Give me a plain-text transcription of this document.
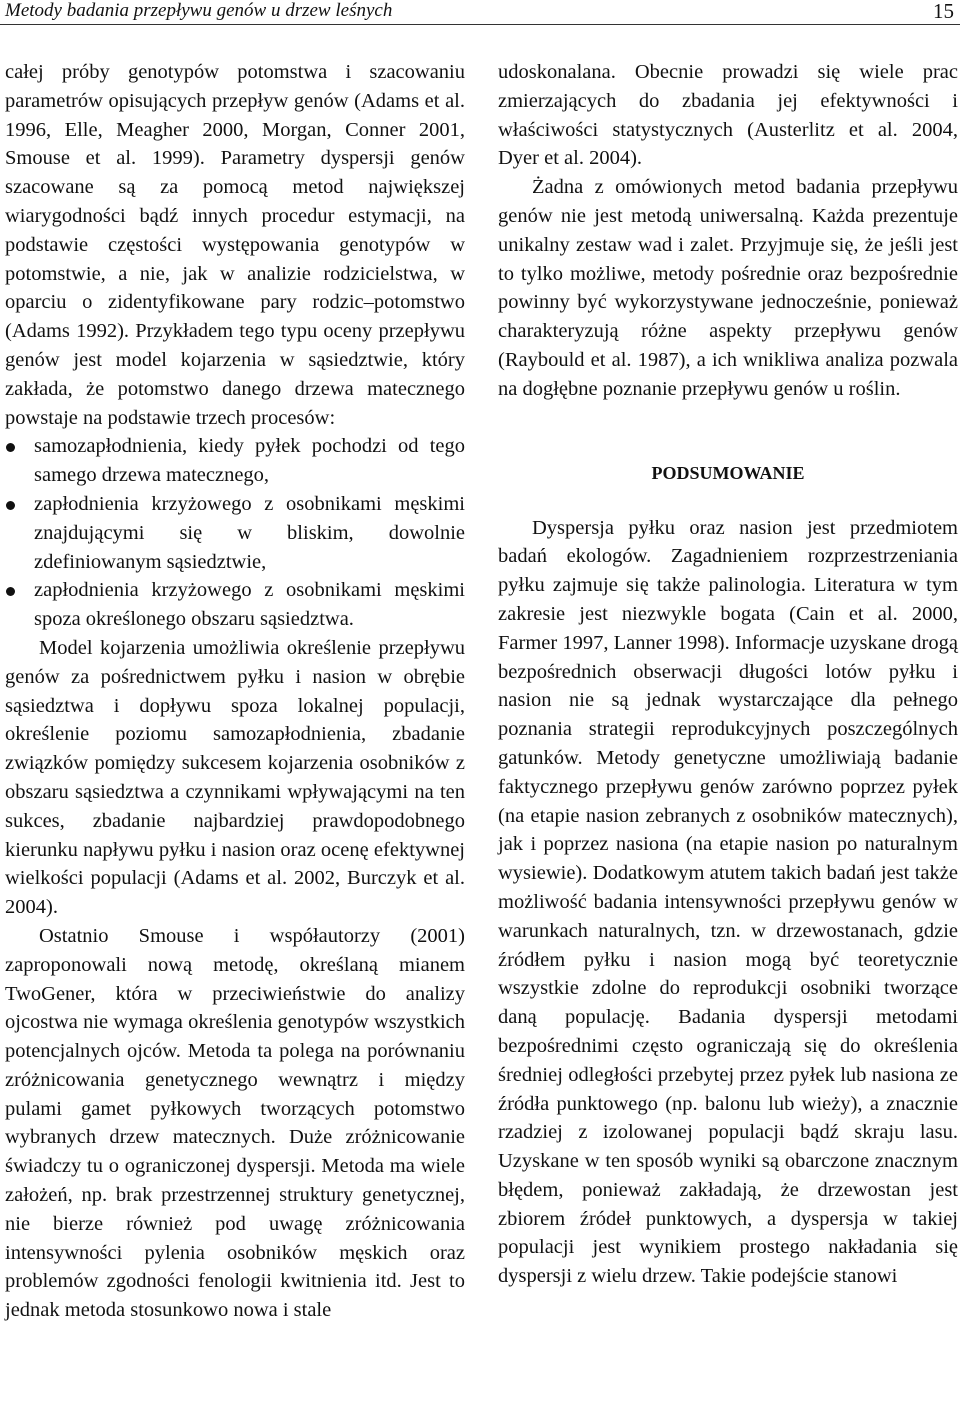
Metody badania przepływu genów u drzew leśnych	15

całej próby genotypów potomstwa i szacowaniu parametrów opisujących przepływ genów (Adams et al. 1996, Elle, Meagher 2000, Morgan, Conner 2001, Smouse et al. 1999). Parametry dyspersji genów szacowane są za pomocą metod największej wiarygodności bądź innych procedur estymacji, na podstawie częstości występowania genotypów w potomstwie, a nie, jak w analizie rodzicielstwa, w oparciu o zidentyfikowane pary rodzic–potomstwo (Adams 1992). Przykładem tego typu oceny przepływu genów jest model kojarzenia w sąsiedztwie, który zakłada, że potomstwo danego drzewa matecznego powstaje na podstawie trzech procesów:

samozapłodnienia, kiedy pyłek pochodzi od tego samego drzewa matecznego,
zapłodnienia krzyżowego z osobnikami męskimi znajdującymi się w bliskim, dowolnie zdefiniowanym sąsiedztwie,
zapłodnienia krzyżowego z osobnikami męskimi spoza określonego obszaru sąsiedztwa.

Model kojarzenia umożliwia określenie przepływu genów za pośrednictwem pyłku i nasion w obrębie sąsiedztwa i dopływu spoza lokalnej populacji, określenie poziomu samozapłodnienia, zbadanie związków pomiędzy sukcesem kojarzenia osobników z obszaru sąsiedztwa a czynnikami wpływającymi na ten sukces, zbadanie najbardziej prawdopodobnego kierunku napływu pyłku i nasion oraz ocenę efektywnej wielkości populacji (Adams et al. 2002, Burczyk et al. 2004).

Ostatnio Smouse i współautorzy (2001) zaproponowali nową metodę, określaną mianem TwoGener, która w przeciwieństwie do analizy ojcostwa nie wymaga określenia genotypów wszystkich potencjalnych ojców. Metoda ta polega na porównaniu zróżnicowania genetycznego wewnątrz i między pulami gamet pyłkowych tworzących potomstwo wybranych drzew matecznych. Duże zróżnicowanie świadczy tu o ograniczonej dyspersji. Metoda ma wiele założeń, np. brak przestrzennej struktury genetycznej, nie bierze również pod uwagę zróżnicowania intensywności pylenia osobników męskich oraz problemów zgodności fenologii kwitnienia itd. Jest to jednak metoda stosunkowo nowa i stale

udoskonalana. Obecnie prowadzi się wiele prac zmierzających do zbadania jej efektywności i właściwości statystycznych (Austerlitz et al. 2004, Dyer et al. 2004).

Żadna z omówionych metod badania przepływu genów nie jest metodą uniwersalną. Każda prezentuje unikalny zestaw wad i zalet. Przyjmuje się, że jeśli jest to tylko możliwe, metody pośrednie oraz bezpośrednie powinny być wykorzystywane jednocześnie, ponieważ charakteryzują różne aspekty przepływu genów (Raybould et al. 1987), a ich wnikliwa analiza pozwala na dogłębne poznanie przepływu genów u roślin.

PODSUMOWANIE

Dyspersja pyłku oraz nasion jest przedmiotem badań ekologów. Zagadnieniem rozprzestrzeniania pyłku zajmuje się także palinologia. Literatura w tym zakresie jest niezwykle bogata (Cain et al. 2000, Farmer 1997, Lanner 1998). Informacje uzyskane drogą bezpośrednich obserwacji długości lotów pyłku i nasion nie są jednak wystarczające dla pełnego poznania strategii reprodukcyjnych poszczególnych gatunków. Metody genetyczne umożliwiają badanie faktycznego przepływu genów zarówno poprzez pyłek (na etapie nasion zebranych z osobników matecznych), jak i poprzez nasiona (na etapie nasion po naturalnym wysiewie). Dodatkowym atutem takich badań jest także możliwość badania intensywności przepływu genów w warunkach naturalnych, tzn. w drzewostanach, gdzie źródłem pyłku i nasion mogą być teoretycznie wszystkie zdolne do reprodukcji osobniki tworzące daną populację. Badania dyspersji metodami bezpośrednimi często ograniczają się do określenia średniej odległości przebytej przez pyłek lub nasiona ze źródła punktowego (np. balonu lub wieży), a znacznie rzadziej z izolowanej populacji bądź skraju lasu. Uzyskane w ten sposób wyniki są obarczone znacznym błędem, ponieważ zakładają, że drzewostan jest zbiorem źródeł punktowych, a dyspersja w takiej populacji jest wynikiem prostego nakładania się dyspersji z wielu drzew. Takie podejście stanowi
